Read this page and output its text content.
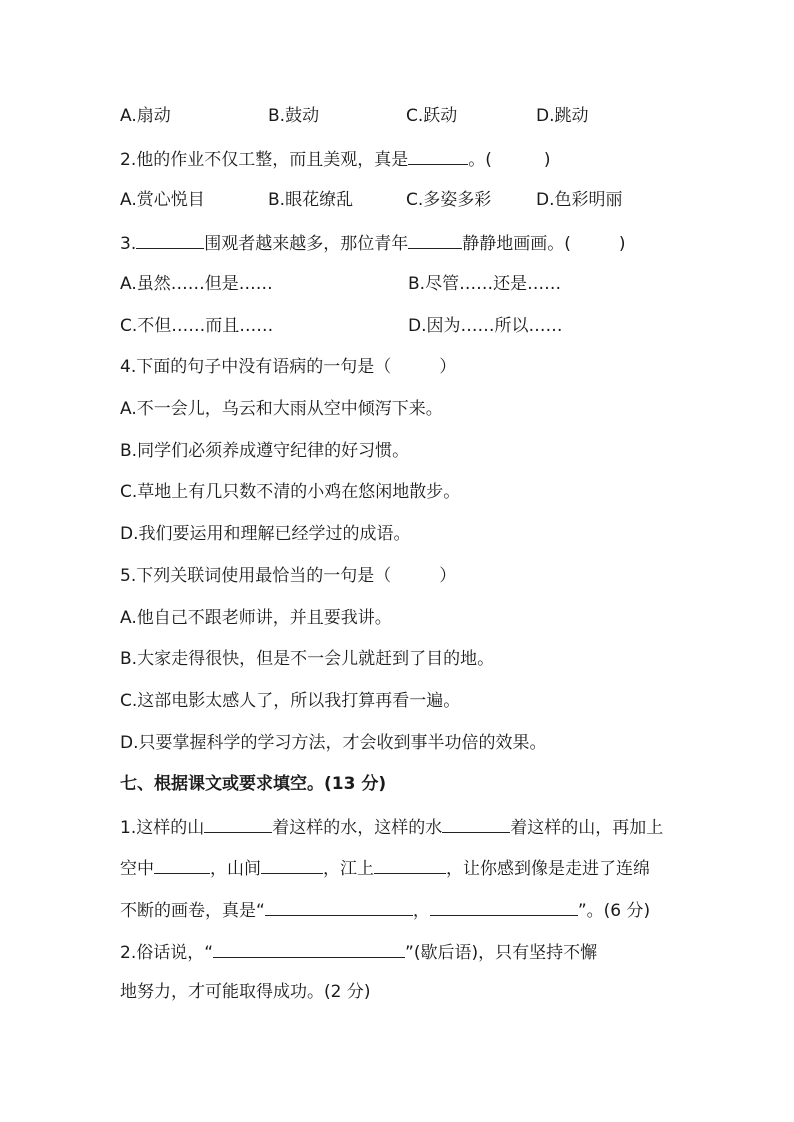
A.扇动	B.鼓动	C.跃动	D.跳动
2.他的作业不仅工整，而且美观，真是	。(	)
A.赏心悦目	B.眼花缭乱	C.多姿多彩	D.色彩明丽
3.	围观者越来越多，那位青年	静静地画画。(	)
A.虽然……但是……	B.尽管……还是……
C.不但……而且……	D.因为……所以……
4.下面的句子中没有语病的一句是（	）
A.不一会儿，乌云和大雨从空中倾泻下来。
B.同学们必须养成遵守纪律的好习惯。
C.草地上有几只数不清的小鸡在悠闲地散步。
D.我们要运用和理解已经学过的成语。
5.下列关联词使用最恰当的一句是（	）
A.他自己不跟老师讲，并且要我讲。
B.大家走得很快，但是不一会儿就赶到了目的地。
C.这部电影太感人了，所以我打算再看一遍。
D.只要掌握科学的学习方法，才会收到事半功倍的效果。
七、根据课文或要求填空。(13 分)
1.这样的山	着这样的水，这样的水	着这样的山，再加上
空中	，山间	，江上	，让你感到像是走进了连绵
不断的画卷，真是“	，	”。(6 分)
2.俗话说，“	”(歇后语)，只有坚持不懈
地努力，才可能取得成功。(2 分)
